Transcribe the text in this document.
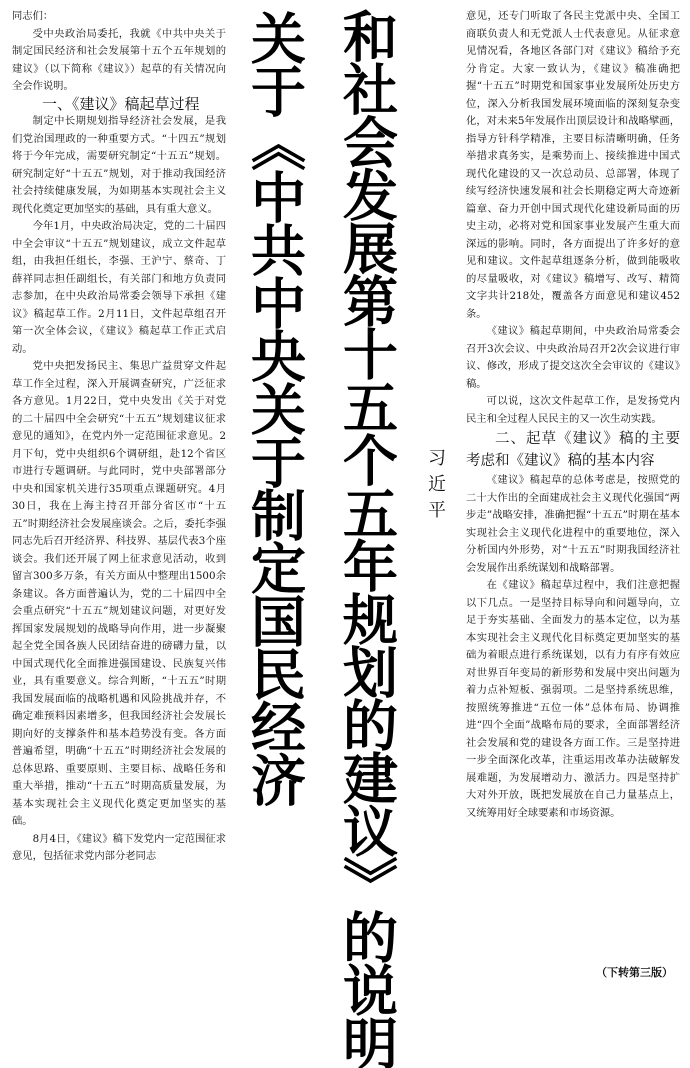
和社会发展第十五个五年规划的建议》的说明
关于《中共中央关于制定国民经济	习近平

同志们：

受中央政治局委托，我就《中共中央关于制定国民经济和社会发展第十五个五年规划的建议》（以下简称《建议》）起草的有关情况向全会作说明。

一、《建议》稿起草过程

制定中长期规划指导经济社会发展，是我们党治国理政的一种重要方式。“十四五”规划将于今年完成，需要研究制定“十五五”规划。研究制定好“十五五”规划，对于推动我国经济社会持续健康发展，为如期基本实现社会主义现代化奠定更加坚实的基础，具有重大意义。

今年1月，中央政治局决定，党的二十届四中全会审议“十五五”规划建议，成立文件起草组，由我担任组长，李强、王沪宁、蔡奇、丁薛祥同志担任副组长，有关部门和地方负责同志参加，在中央政治局常委会领导下承担《建议》稿起草工作。2月11日，文件起草组召开第一次全体会议，《建议》稿起草工作正式启动。

党中央把发扬民主、集思广益贯穿文件起草工作全过程，深入开展调查研究，广泛征求各方意见。1月22日，党中央发出《关于对党的二十届四中全会研究“十五五”规划建议征求意见的通知》，在党内外一定范围征求意见。2月下旬，党中央组织6个调研组，赴12个省区市进行专题调研。与此同时，党中央部署部分中央和国家机关进行35项重点课题研究。4月30日，我在上海主持召开部分省区市“十五五”时期经济社会发展座谈会。之后，委托李强同志先后召开经济界、科技界、基层代表3个座谈会。我们还开展了网上征求意见活动，收到留言300多万条，有关方面从中整理出1500余条建议。各方面普遍认为，党的二十届四中全会重点研究“十五五”规划建议问题，对更好发挥国家发展规划的战略导向作用，进一步凝聚起全党全国各族人民团结奋进的磅礴力量，以中国式现代化全面推进强国建设、民族复兴伟业，具有重要意义。综合判断，“十五五”时期我国发展面临的战略机遇和风险挑战并存，不确定难预料因素增多，但我国经济社会发展长期向好的支撑条件和基本趋势没有变。各方面普遍希望，明确“十五五”时期经济社会发展的总体思路、重要原则、主要目标、战略任务和重大举措，推动“十五五”时期高质量发展，为基本实现社会主义现代化奠定更加坚实的基础。

8月4日，《建议》稿下发党内一定范围征求意见，包括征求党内部分老同志

意见，还专门听取了各民主党派中央、全国工商联负责人和无党派人士代表意见。从征求意见情况看，各地区各部门对《建议》稿给予充分肯定。大家一致认为，《建议》稿准确把握“十五五”时期党和国家事业发展所处历史方位，深入分析我国发展环境面临的深刻复杂变化，对未来5年发展作出顶层设计和战略擘画，指导方针科学精准，主要目标清晰明确，任务举措求真务实，是乘势而上、接续推进中国式现代化建设的又一次总动员、总部署，体现了续写经济快速发展和社会长期稳定两大奇迹新篇章、奋力开创中国式现代化建设新局面的历史主动，必将对党和国家事业发展产生重大而深远的影响。同时，各方面提出了许多好的意见和建议。文件起草组逐条分析，做到能吸收的尽量吸收，对《建议》稿增写、改写、精简文字共计218处，覆盖各方面意见和建议452条。

《建议》稿起草期间，中央政治局常委会召开3次会议、中央政治局召开2次会议进行审议、修改，形成了提交这次全会审议的《建议》稿。

可以说，这次文件起草工作，是发扬党内民主和全过程人民民主的又一次生动实践。

二、起草《建议》稿的主要考虑和《建议》稿的基本内容

《建议》稿起草的总体考虑是，按照党的二十大作出的全面建成社会主义现代化强国“两步走”战略安排，准确把握“十五五”时期在基本实现社会主义现代化进程中的重要地位，深入分析国内外形势，对“十五五”时期我国经济社会发展作出系统谋划和战略部署。

在《建议》稿起草过程中，我们注意把握以下几点。一是坚持目标导向和问题导向，立足于夯实基础、全面发力的基本定位，以为基本实现社会主义现代化目标奠定更加坚实的基础为着眼点进行系统谋划，以有力有序有效应对世界百年变局的新形势和发展中突出问题为着力点补短板、强弱项。二是坚持系统思维，按照统筹推进“五位一体”总体布局、协调推进“四个全面”战略布局的要求，全面部署经济社会发展和党的建设各方面工作。三是坚持进一步全面深化改革，注重运用改革办法破解发展难题，为发展增动力、激活力。四是坚持扩大对外开放，既把发展放在自己力量基点上，又统筹用好全球要素和市场资源。

（下转第三版）
